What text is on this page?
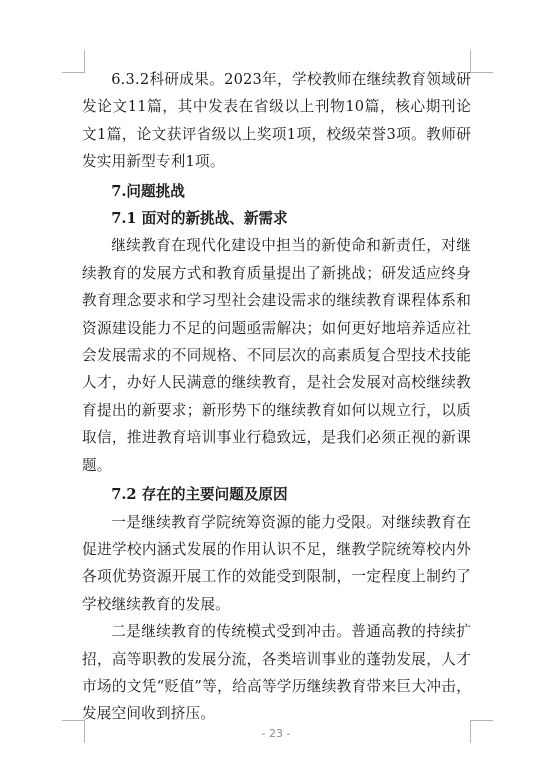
6.3.2科研成果。2023年，学校教师在继续教育领域研发论文11篇，其中发表在省级以上刊物10篇，核心期刊论文1篇，论文获评省级以上奖项1项，校级荣誉3项。教师研发实用新型专利1项。

7.问题挑战

7.1 面对的新挑战、新需求

继续教育在现代化建设中担当的新使命和新责任，对继续教育的发展方式和教育质量提出了新挑战；研发适应终身教育理念要求和学习型社会建设需求的继续教育课程体系和资源建设能力不足的问题亟需解决；如何更好地培养适应社会发展需求的不同规格、不同层次的高素质复合型技术技能人才，办好人民满意的继续教育，是社会发展对高校继续教育提出的新要求；新形势下的继续教育如何以规立行，以质取信，推进教育培训事业行稳致远，是我们必须正视的新课题。

7.2 存在的主要问题及原因

一是继续教育学院统筹资源的能力受限。对继续教育在促进学校内涵式发展的作用认识不足，继教学院统筹校内外各项优势资源开展工作的效能受到限制，一定程度上制约了学校继续教育的发展。

二是继续教育的传统模式受到冲击。普通高教的持续扩招，高等职教的发展分流，各类培训事业的蓬勃发展，人才市场的文凭“贬值”等，给高等学历继续教育带来巨大冲击，发展空间收到挤压。

- 23 -
